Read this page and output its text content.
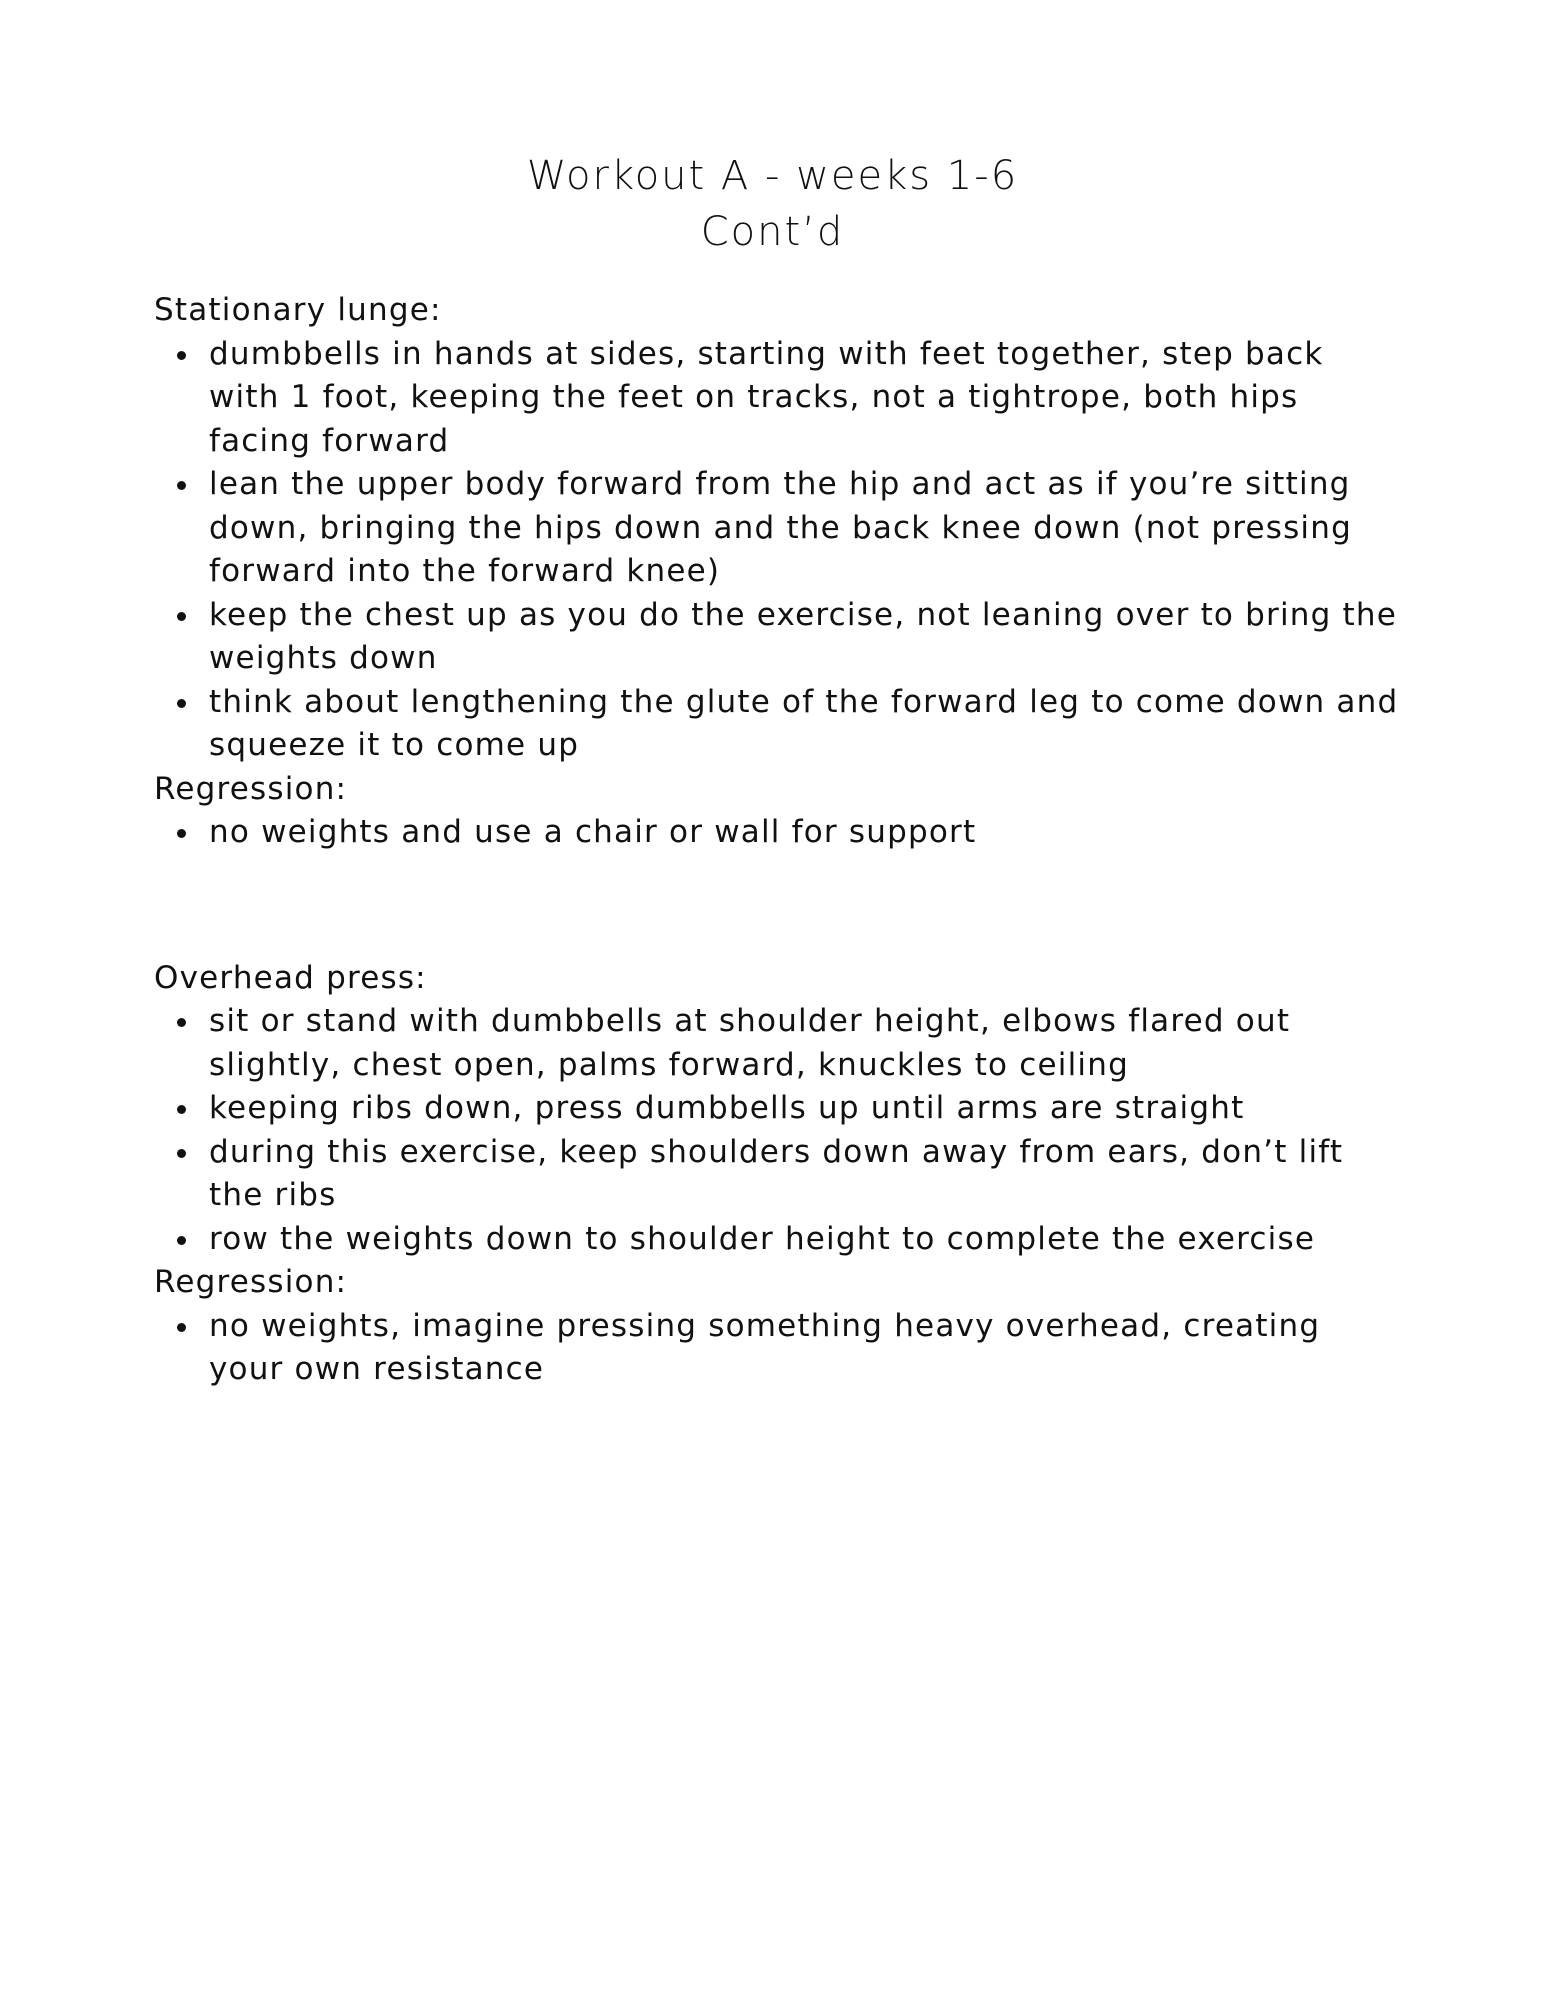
Workout A - weeks 1-6
Cont’d

Stationary lunge:

dumbbells in hands at sides, starting with feet together, step back with 1 foot, keeping the feet on tracks, not a tightrope, both hips facing forward
lean the upper body forward from the hip and act as if you’re sitting down, bringing the hips down and the back knee down (not pressing forward into the forward knee)
keep the chest up as you do the exercise, not leaning over to bring the weights down
think about lengthening the glute of the forward leg to come down and squeeze it to come up

Regression:

no weights and use a chair or wall for support

Overhead press:

sit or stand with dumbbells at shoulder height, elbows flared out slightly, chest open, palms forward, knuckles to ceiling
keeping ribs down, press dumbbells up until arms are straight
during this exercise, keep shoulders down away from ears, don’t lift the ribs
row the weights down to shoulder height to complete the exercise

Regression:

no weights, imagine pressing something heavy overhead, creating your own resistance
